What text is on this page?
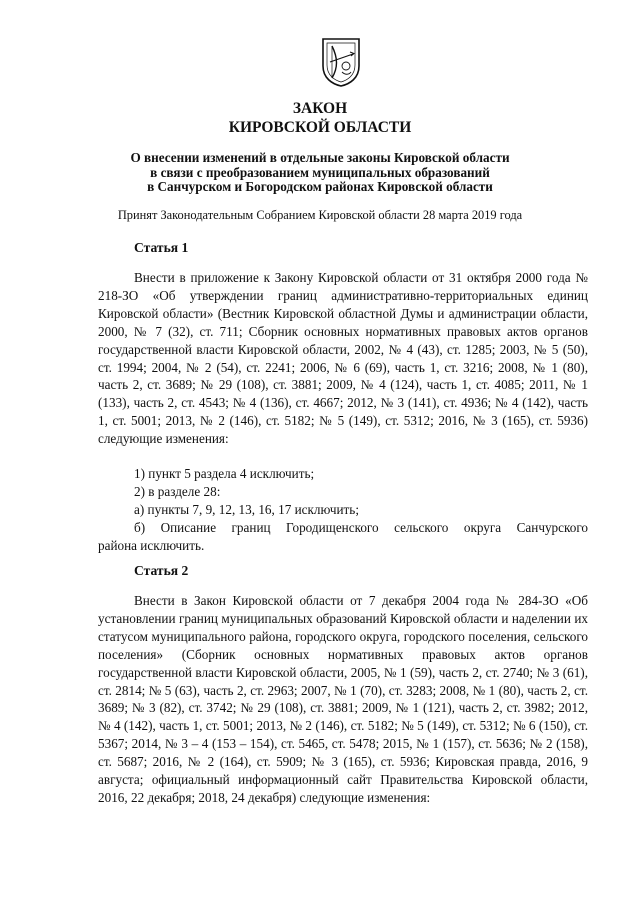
ЗАКОН
КИРОВСКОЙ ОБЛАСТИ
О внесении изменений в отдельные законы Кировской области
в связи с преобразованием муниципальных образований
в Санчурском и Богородском районах Кировской области
Принят Законодательным Собранием Кировской области 28 марта 2019 года
Статья 1
Внести в приложение к Закону Кировской области от 31 октября 2000 года № 218-ЗО «Об утверждении границ административно-территориальных единиц Кировской области» (Вестник Кировской областной Думы и администрации области, 2000, № 7 (32), ст. 711; Сборник основных нормативных правовых актов органов государственной власти Кировской области, 2002, № 4 (43), ст. 1285; 2003, № 5 (50), ст. 1994; 2004, № 2 (54), ст. 2241; 2006, № 6 (69), часть 1, ст. 3216; 2008, № 1 (80), часть 2, ст. 3689; № 29 (108), ст. 3881; 2009, № 4 (124), часть 1, ст. 4085; 2011, № 1 (133), часть 2, ст. 4543; № 4 (136), ст. 4667; 2012, № 3 (141), ст. 4936; № 4 (142), часть 1, ст. 5001; 2013, № 2 (146), ст. 5182; № 5 (149), ст. 5312; 2016, № 3 (165), ст. 5936) следующие изменения:
1) пункт 5 раздела 4 исключить;
2) в разделе 28:
а) пункты 7, 9, 12, 13, 16, 17 исключить;
б) Описание границ Городищенского сельского округа Санчурского
района исключить.
Статья 2
Внести в Закон Кировской области от 7 декабря 2004 года № 284-ЗО «Об установлении границ муниципальных образований Кировской области и наделении их статусом муниципального района, городского округа, городского поселения, сельского поселения» (Сборник основных нормативных правовых актов органов государственной власти Кировской области, 2005, № 1 (59), часть 2, ст. 2740; № 3 (61), ст. 2814; № 5 (63), часть 2, ст. 2963; 2007, № 1 (70), ст. 3283; 2008, № 1 (80), часть 2, ст. 3689; № 3 (82), ст. 3742; № 29 (108), ст. 3881; 2009, № 1 (121), часть 2, ст. 3982; 2012, № 4 (142), часть 1, ст. 5001; 2013, № 2 (146), ст. 5182; № 5 (149), ст. 5312; № 6 (150), ст. 5367; 2014, № 3 – 4 (153 – 154), ст. 5465, ст. 5478; 2015, № 1 (157), ст. 5636; № 2 (158), ст. 5687; 2016, № 2 (164), ст. 5909; № 3 (165), ст. 5936; Кировская правда, 2016, 9 августа; официальный информационный сайт Правительства Кировской области, 2016, 22 декабря; 2018, 24 декабря) следующие изменения:
